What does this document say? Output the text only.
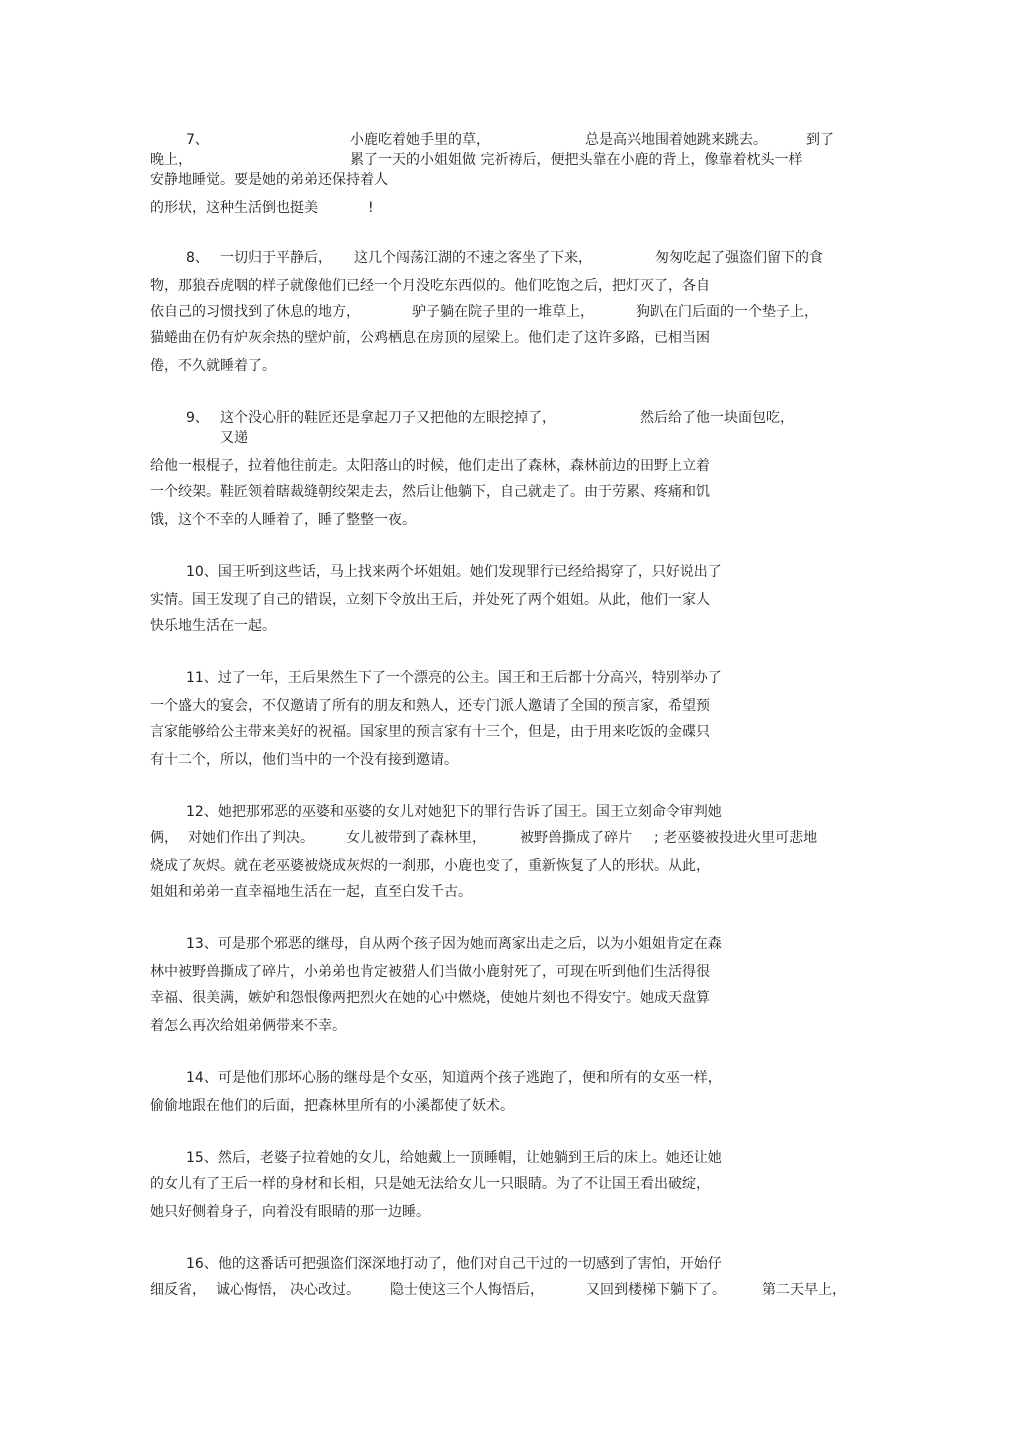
7、	小鹿吃着她手里的草，	总是高兴地围着她跳来跳去。	到了
晚上，	累了一天的小姐姐做 完祈祷后，便把头靠在小鹿的背上，像靠着枕头一样
安静地睡觉。要是她的弟弟还保持着人
的形状，这种生活倒也挺美	!
8、 一切归于平静后， 这几个闯荡江湖的不速之客坐了下来，	匆匆吃起了强盗们留下的食
物，那狼吞虎咽的样子就像他们已经一个月没吃东西似的。他们吃饱之后，把灯灭了，各自
依自己的习惯找到了休息的地方，	驴子躺在院子里的一堆草上，	狗趴在门后面的一个垫子上，
猫蜷曲在仍有炉灰余热的壁炉前，公鸡栖息在房顶的屋梁上。他们走了这许多路，已相当困
倦，不久就睡着了。
9、 这个没心肝的鞋匠还是拿起刀子又把他的左眼挖掉了，	然后给了他一块面包吃，
又递
给他一根棍子，拉着他往前走。太阳落山的时候，他们走出了森林，森林前边的田野上立着
一个绞架。鞋匠领着瞎裁缝朝绞架走去，然后让他躺下，自己就走了。由于劳累、疼痛和饥
饿，这个不幸的人睡着了，睡了整整一夜。
10、国王听到这些话，马上找来两个坏姐姐。她们发现罪行已经给揭穿了，只好说出了
实情。国王发现了自己的错误，立刻下令放出王后，并处死了两个姐姐。从此，他们一家人
快乐地生活在一起。
11、过了一年，王后果然生下了一个漂亮的公主。国王和王后都十分高兴，特别举办了
一个盛大的宴会，不仅邀请了所有的朋友和熟人，还专门派人邀请了全国的预言家，希望预
言家能够给公主带来美好的祝福。国家里的预言家有十三个，但是，由于用来吃饭的金碟只
有十二个，所以，他们当中的一个没有接到邀请。
12、她把那邪恶的巫婆和巫婆的女儿对她犯下的罪行告诉了国王。国王立刻命令审判她
俩， 对她们作出了判决。 女儿被带到了森林里， 被野兽撕成了碎片 ; 老巫婆被投进火里可悲地
烧成了灰烬。就在老巫婆被烧成灰烬的一刹那，小鹿也变了，重新恢复了人的形状。从此，
姐姐和弟弟一直幸福地生活在一起，直至白发千古。
13、可是那个邪恶的继母，自从两个孩子因为她而离家出走之后，以为小姐姐肯定在森
林中被野兽撕成了碎片，小弟弟也肯定被猎人们当做小鹿射死了，可现在听到他们生活得很
幸福、很美满，嫉妒和怨恨像两把烈火在她的心中燃烧，使她片刻也不得安宁。她成天盘算
着怎么再次给姐弟俩带来不幸。
14、可是他们那坏心肠的继母是个女巫，知道两个孩子逃跑了，便和所有的女巫一样，
偷偷地跟在他们的后面，把森林里所有的小溪都使了妖术。
15、然后，老婆子拉着她的女儿，给她戴上一顶睡帽，让她躺到王后的床上。她还让她
的女儿有了王后一样的身材和长相，只是她无法给女儿一只眼睛。为了不让国王看出破绽，
她只好侧着身子，向着没有眼睛的那一边睡。
16、他的这番话可把强盗们深深地打动了，他们对自己干过的一切感到了害怕，开始仔
细反省， 诚心悔悟， 决心改过。 隐士使这三个人悔悟后，	又回到楼梯下躺下了。	第二天早上，
